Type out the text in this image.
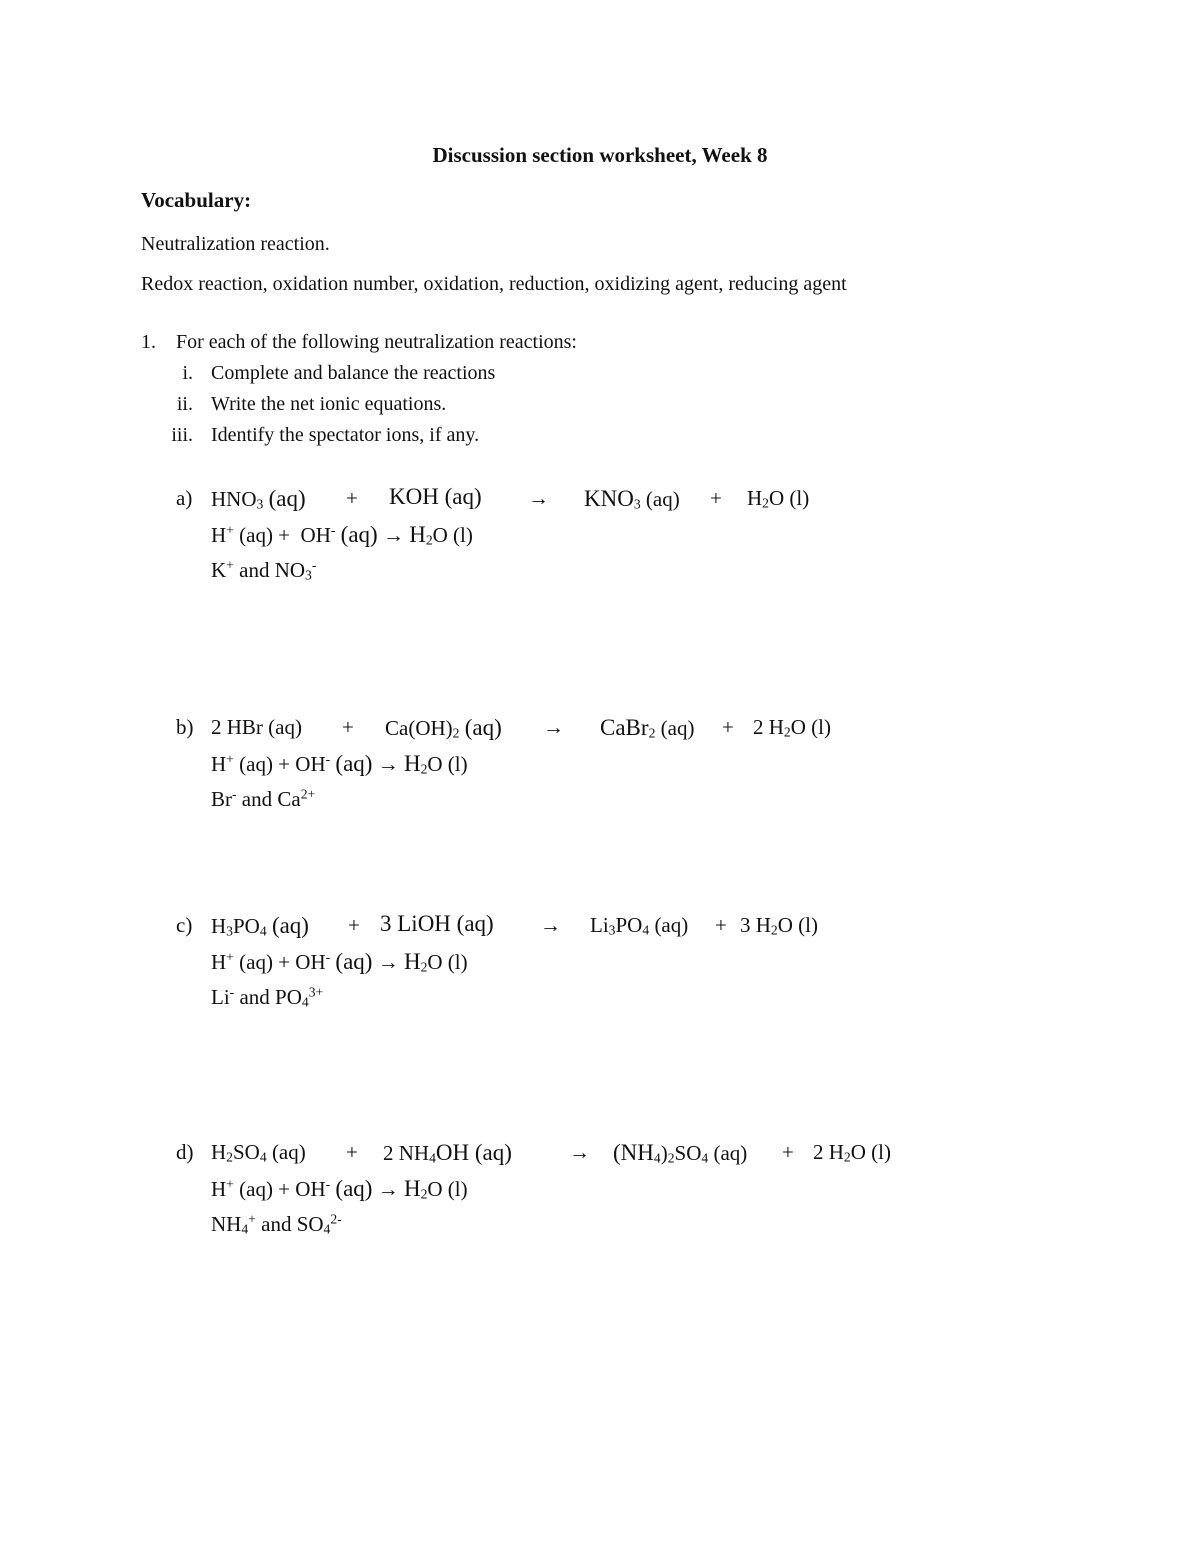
Discussion section worksheet, Week 8
Vocabulary:
Neutralization reaction.
Redox reaction, oxidation number, oxidation, reduction, oxidizing agent, reducing agent
1. For each of the following neutralization reactions:
i. Complete and balance the reactions
ii. Write the net ionic equations.
iii. Identify the spectator ions, if any.
a) $HNO_3$ (aq) + KOH $(aq) \to KNO_3$ $(aq) + H_2O$ (l)
H+ (aq) +  OH- $(aq) \to H_2O$ (l)
K+ and $NO_3^-$
b) 2 HBr $(aq) + Ca(OH)_2$ (aq) → CaBr$_2$ (aq) + 2 $H_2O$ (l)
H+ (aq) + OH- $(aq) \to H_2O$ (l)
Br- and $Ca^{2+}$
c) $H_3PO_4$ (aq) + 3 LiOH $(aq) \to Li_3PO_4$ (aq) + 3 $H_2O$ (l)
H+ (aq) + OH- $(aq) \to H_2O$ (l)
Li- and $PO_4^{3+}$
d) $H_2SO_4$ (aq) + 2 $NH_4OH$ (aq)	→ $(NH_4)_2SO_4$ (aq) + 2 $H_2O$ (l)
H+ (aq) + OH- $(aq) \to H_2O$ (l)
$NH_4^+$ and $SO_4^{2-}$
